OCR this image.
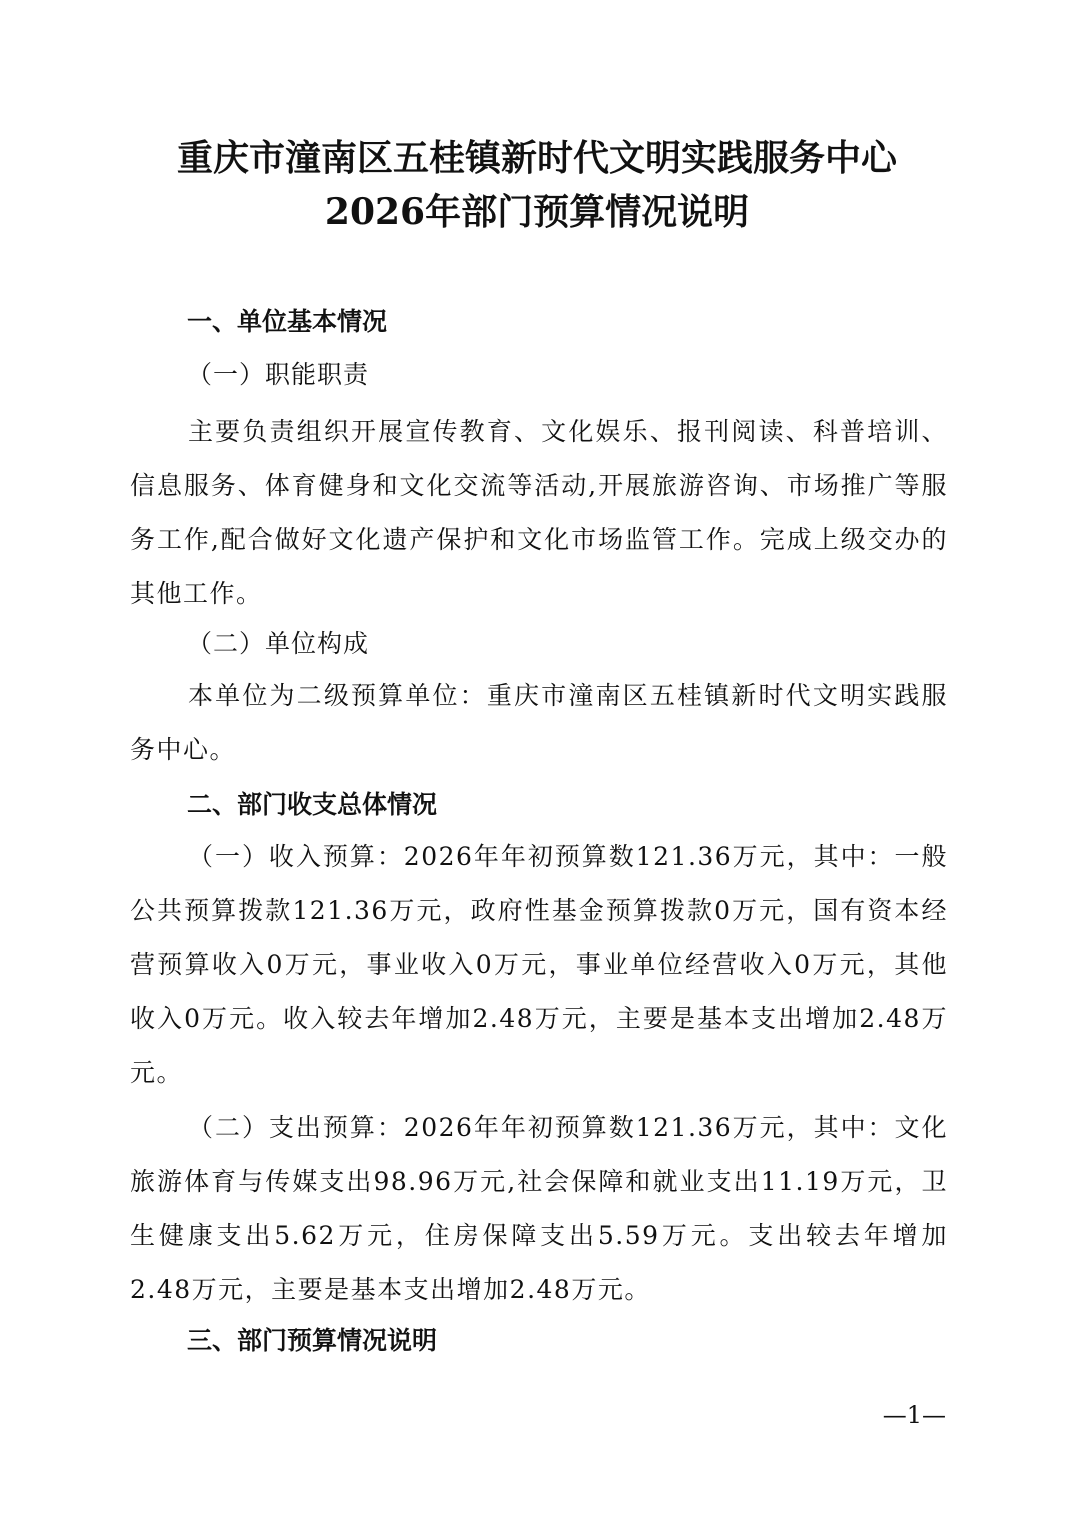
重庆市潼南区五桂镇新时代文明实践服务中心
2026年部门预算情况说明
一、单位基本情况
（一）职能职责
主要负责组织开展宣传教育、文化娱乐、报刊阅读、科普培训、信息服务、体育健身和文化交流等活动,开展旅游咨询、市场推广等服务工作,配合做好文化遗产保护和文化市场监管工作。完成上级交办的其他工作。
（二）单位构成
本单位为二级预算单位：重庆市潼南区五桂镇新时代文明实践服务中心。
二、部门收支总体情况
（一）收入预算：2026年年初预算数121.36万元，其中：一般公共预算拨款121.36万元，政府性基金预算拨款0万元，国有资本经营预算收入0万元，事业收入0万元，事业单位经营收入0万元，其他收入0万元。收入较去年增加2.48万元，主要是基本支出增加2.48万元。
（二）支出预算：2026年年初预算数121.36万元，其中：文化旅游体育与传媒支出98.96万元,社会保障和就业支出11.19万元，卫生健康支出5.62万元，住房保障支出5.59万元。支出较去年增加2.48万元，主要是基本支出增加2.48万元。
三、部门预算情况说明
—1—
